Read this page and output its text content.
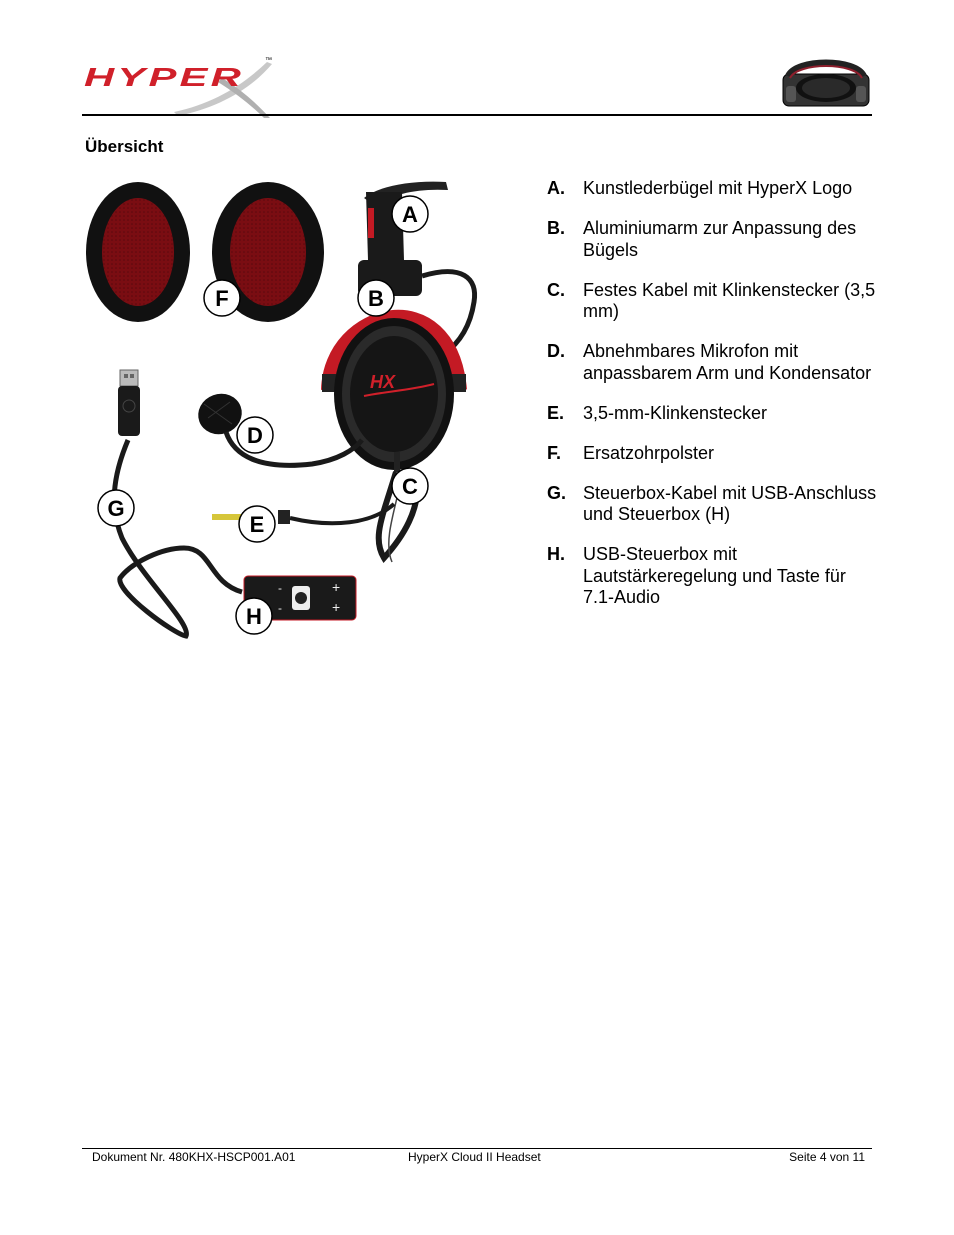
HYPER
™
Übersicht
HX
+
+
-
-
A
B
C
D
E
F
G
H
A.	Kunstlederbügel mit HyperX Logo
B.	Aluminiumarm zur Anpassung des Bügels
C.	Festes Kabel mit Klinkenstecker (3,5 mm)
D.	Abnehmbares Mikrofon mit anpassbarem Arm und Kondensator
E.	3,5-mm-Klinkenstecker
F.	Ersatzohrpolster
G. Steuerbox-Kabel mit USB-Anschluss und Steuerbox (H)
H.	USB-Steuerbox mit Lautstärkeregelung und Taste für 7.1-Audio
Dokument Nr. 480KHX-HSCP001.A01	HyperX Cloud II Headset	Seite 4 von 11
